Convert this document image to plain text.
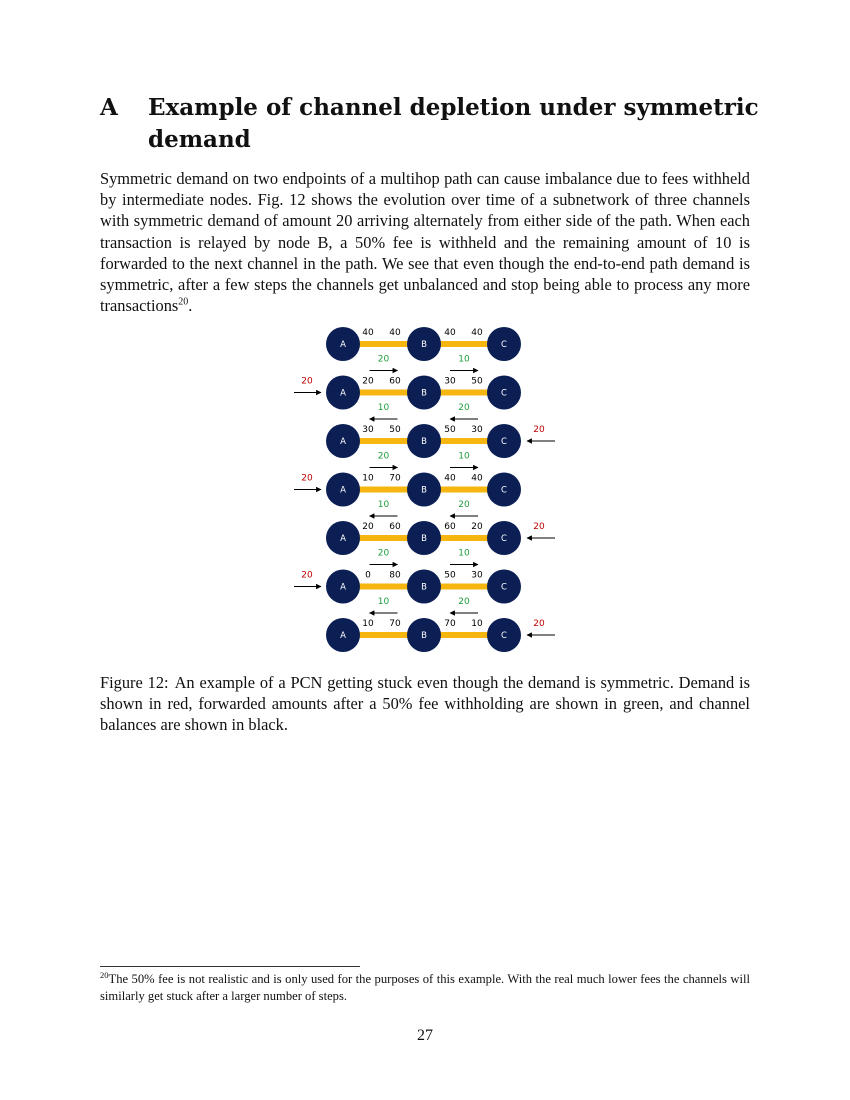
A Example of channel depletion under symmetric demand

Symmetric demand on two endpoints of a multihop path can cause imbalance due to fees withheld by intermediate nodes. Fig. 12 shows the evolution over time of a subnetwork of three channels with symmetric demand of amount 20 arriving alternately from either side of the path. When each transaction is relayed by node B, a 50% fee is withheld and the remaining amount of 10 is forwarded to the next channel in the path. We see that even though the end-to-end path demand is symmetric, after a few steps the channels get unbalanced and stop being able to process any more transactions$^{20}$.

A	B	C
40 40	40 40
A	B	C
20 60	30 50
A	B	C
30 50	50 30
A	B	C
10 70	40 40
A	B	C
20 60	60 20
A	B	C
0 80	50 30
A	B	C
10 70	70 10
20	10
20
10	20
20
20	10
20
10	20
20
20	10
20
10	20
20

Figure 12: An example of a PCN getting stuck even though the demand is symmetric. Demand is shown in red, forwarded amounts after a 50% fee withholding are shown in green, and channel balances are shown in black.

$^{20}$The 50% fee is not realistic and is only used for the purposes of this example. With the real much lower fees the channels will similarly get stuck after a larger number of steps.

27
